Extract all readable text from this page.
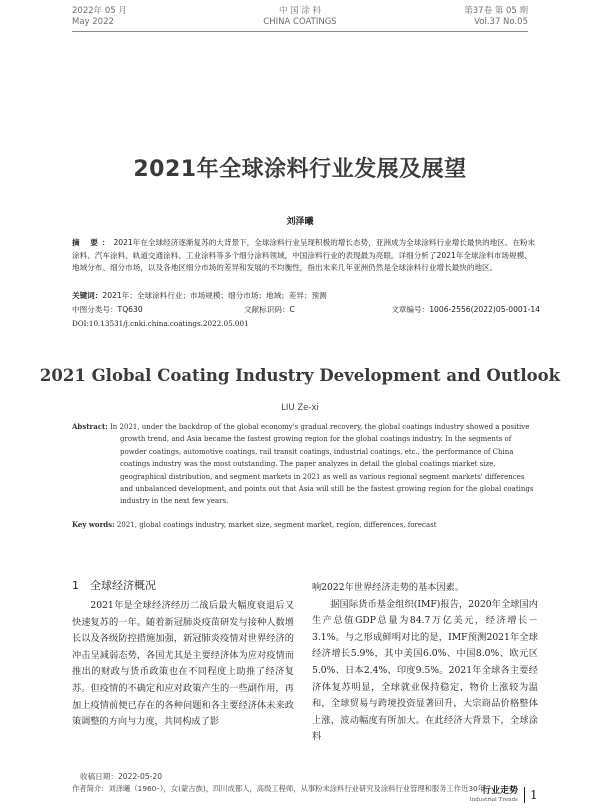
2022年 05 月
May 2022
中 国 涂 料
CHINA COATINGS
第37卷 第 05 期
Vol.37 No.05
2021年全球涂料行业发展及展望
刘泽曦
摘 要：2021年在全球经济逐渐复苏的大背景下，全球涂料行业呈现积极的增长态势，亚洲成为全球涂料行业增长最快的地区。在粉末涂料、汽车涂料、轨道交通涂料、工业涂料等多个细分涂料领域，中国涂料行业的表现最为亮眼。详细分析了2021年全球涂料市场规模、地域分布、细分市场，以及各地区细分市场的差异和发展的不均衡性，指出未来几年亚洲仍然是全球涂料行业增长最快的地区。
关键词：2021年；全球涂料行业；市场规模；细分市场；地域；差异；预测
中图分类号：TQ630	文献标识码：C	文章编号：1006-2556(2022)05-0001-14
DOI:10.13531/j.cnki.china.coatings.2022.05.001
2021 Global Coating Industry Development and Outlook
LIU Ze-xi
Abstract: In 2021, under the backdrop of the global economy's gradual recovery, the global coatings industry showed a positive growth trend, and Asia became the fastest growing region for the global coatings industry. In the segments of powder coatings, automotive coatings, rail transit coatings, industrial coatings, etc., the performance of China coatings industry was the most outstanding. The paper analyzes in detail the global coatings market size, geographical distribution, and segment markets in 2021 as well as various regional segment markets' differences and unbalanced development, and points out that Asia will still be the fastest growing region for the global coatings industry in the next few years.
Key words: 2021, global coatings industry, market size, segment market, region, differences, forecast
1 全球经济概况

2021年是全球经济经历二战后最大幅度衰退后又快速复苏的一年。随着新冠肺炎疫苗研发与接种人数增长以及各级防控措施加强，新冠肺炎疫情对世界经济的冲击呈减弱态势，各国尤其是主要经济体为应对疫情而推出的财政与货币政策也在不同程度上助推了经济复苏。但疫情的不确定和应对政策产生的一些副作用，再加上疫情前便已存在的各种问题和各主要经济体未来政策调整的方向与力度，共同构成了影

响2022年世界经济走势的基本因素。

据国际货币基金组织(IMF)报告，2020年全球国内生产总值GDP总量为84.7万亿美元，经济增长－3.1%。与之形成鲜明对比的是，IMF预测2021年全球经济增长5.9%，其中美国6.0%、中国8.0%、欧元区5.0%、日本2.4%、印度9.5%。2021年全球各主要经济体复苏明显，全球就业保持稳定，物价上涨较为温和，全球贸易与跨境投资显著回升，大宗商品价格整体上涨，波动幅度有所加大。在此经济大背景下，全球涂料

收稿日期：2022-05-20
作者简介：刘泽曦（1960–），女(蒙古族)，四川成都人，高级工程师，从事粉末涂料行业研究及涂料行业管理和服务工作近30年。
行业走势
Industrial Trends 1
